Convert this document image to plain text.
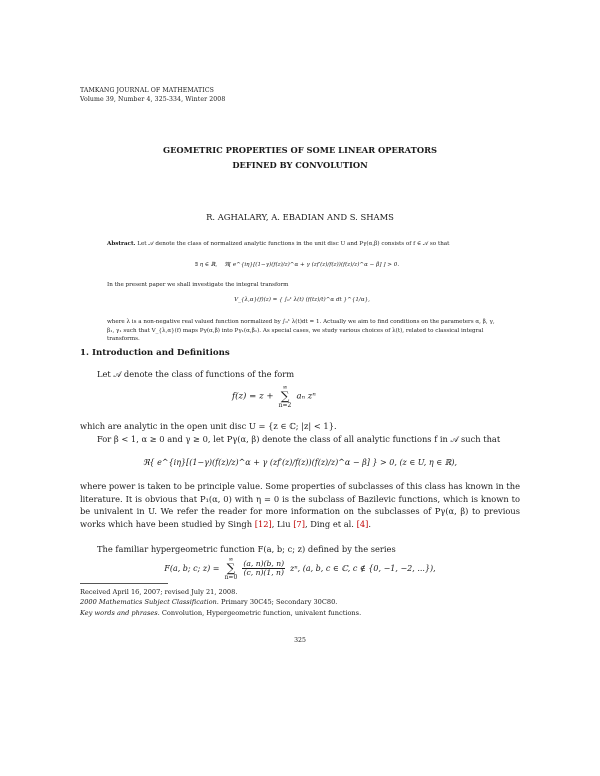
TAMKANG JOURNAL OF MATHEMATICS
Volume 39, Number 4, 325-334, Winter 2008
GEOMETRIC PROPERTIES OF SOME LINEAR OPERATORS
DEFINED BY CONVOLUTION
R. AGHALARY, A. EBADIAN AND S. SHAMS
Abstract. Let 𝒜 denote the class of normalized analytic functions in the unit disc U and Pγ(α,β) consists of f ∈ 𝒜 so that
∃ η ∈ ℝ, ℜ[ e^{iη}[(1−γ)(f(z)/z)^α + γ (zf′(z)/f(z))(f(z)/z)^α − β] ] > 0.
In the present paper we shall investigate the integral transform
V_{λ,α}(f)(z) = { ∫₀¹ λ(t) (f(tz)/t)^α dt }^{1/α},
where λ is a non-negative real valued function normalized by ∫₀¹ λ(t)dt = 1. Actually we aim to find conditions on the parameters α, β, γ, β₁, γ₁ such that V_{λ,α}(f) maps Pγ(α,β) into Pγ₁(α,β₁). As special cases, we study various choices of λ(t), related to classical integral transforms.
1. Introduction and Definitions
Let 𝒜 denote the class of functions of the form
f(z) = z +
∞
∑
n=2
aₙ zⁿ
which are analytic in the open unit disc U = {z ∈ ℂ; |z| < 1}.
For β < 1, α ≥ 0 and γ ≥ 0, let Pγ(α, β) denote the class of all analytic functions f in 𝒜 such that
ℜ{ e^{iη}[(1−γ)(f(z)/z)^α + γ (zf′(z)/f(z))(f(z)/z)^α − β] } > 0, (z ∈ U, η ∈ ℝ),
where power is taken to be principle value. Some properties of subclasses of this class has known in the literature. It is obvious that P₁(α, 0) with η = 0 is the subclass of Bazilevic functions, which is known to be univalent in U. We refer the reader for more information on the subclasses of Pγ(α, β) to previous works which have been studied by Singh [12], Liu [7], Ding et al. [4].
The familiar hypergeometric function F(a, b; c; z) defined by the series
F(a, b; c; z) =
∞
∑
n=0

$\frac{(a, n)(b, n)}{(c, n)(1, n)} z^n$, (a, b, c ∈ ℂ, c ∉ {0, −1, −2, ...}),
Received April 16, 2007; revised July 21, 2008.
2000 Mathematics Subject Classification. Primary 30C45; Secondary 30C80.
Key words and phrases. Convolution, Hypergeometric function, univalent functions.
325
